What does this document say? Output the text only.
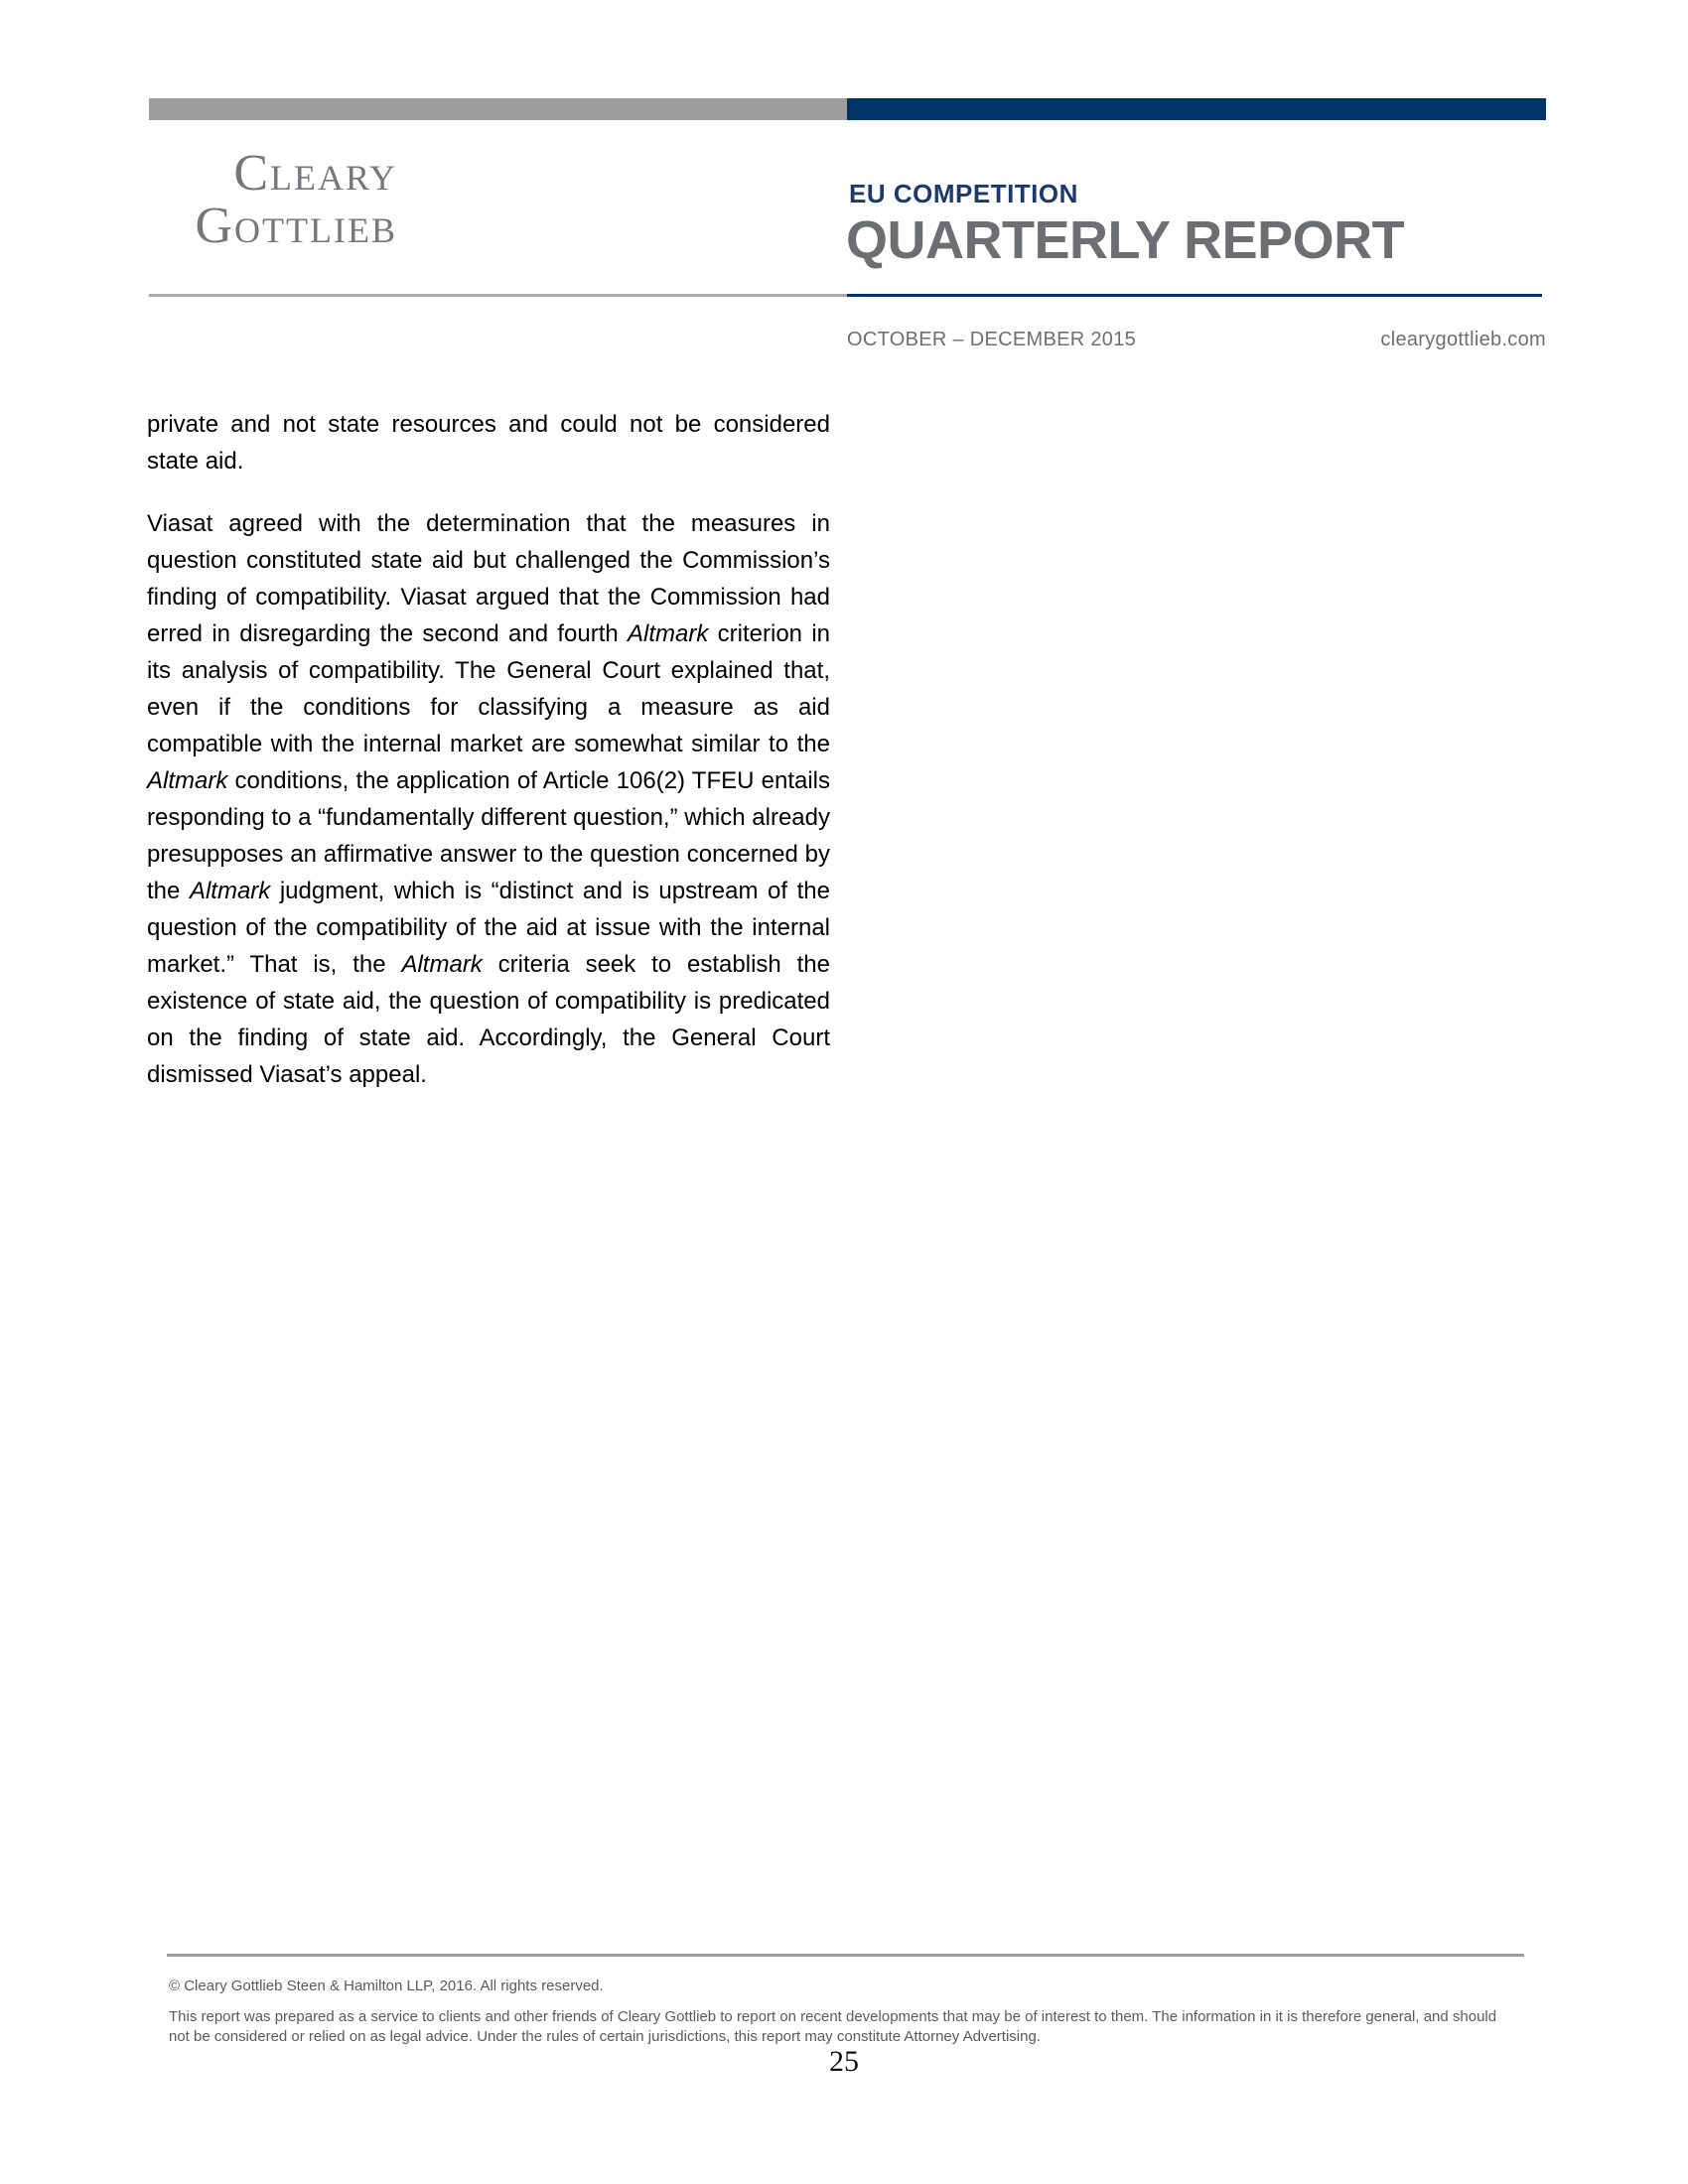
Cleary
Gottlieb
EU COMPETITION
QUARTERLY REPORT
OCTOBER – DECEMBER 2015	clearygottlieb.com

private and not state resources and could not be considered state aid.

Viasat agreed with the determination that the measures in question constituted state aid but challenged the Commission’s finding of compatibility. Viasat argued that the Commission had erred in disregarding the second and fourth Altmark criterion in its analysis of compatibility. The General Court explained that, even if the conditions for classifying a measure as aid compatible with the internal market are somewhat similar to the Altmark conditions, the application of Article 106(2) TFEU entails responding to a “fundamentally different question,” which already presupposes an affirmative answer to the question concerned by the Altmark judgment, which is “distinct and is upstream of the question of the compatibility of the aid at issue with the internal market.” That is, the Altmark criteria seek to establish the existence of state aid, the question of compatibility is predicated on the finding of state aid. Accordingly, the General Court dismissed Viasat’s appeal.

© Cleary Gottlieb Steen & Hamilton LLP, 2016. All rights reserved.
This report was prepared as a service to clients and other friends of Cleary Gottlieb to report on recent developments that may be of interest to them. The information in it is therefore general, and should not be considered or relied on as legal advice. Under the rules of certain jurisdictions, this report may constitute Attorney Advertising.
25
